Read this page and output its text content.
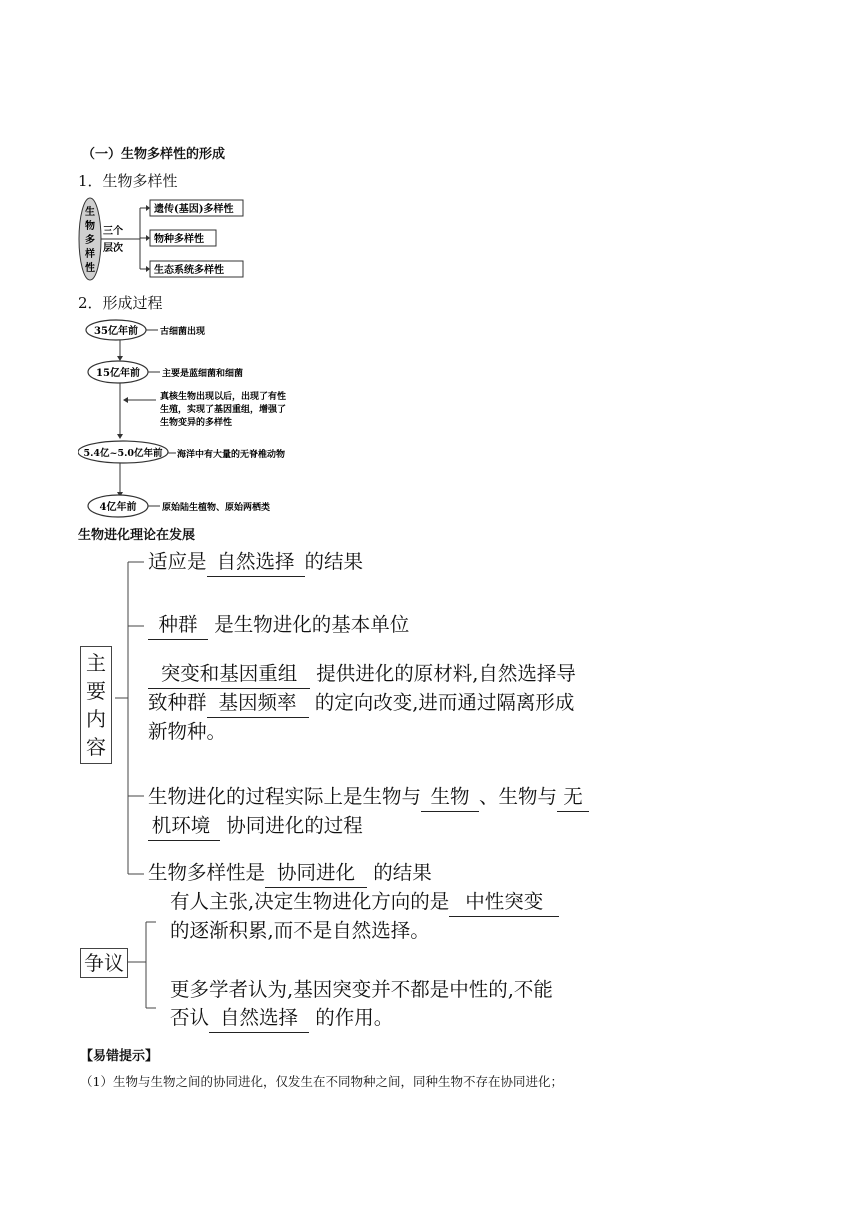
（一）生物多样性的形成
1．生物多样性
生
物
多
样
性
三个
层次
遗传(基因)多样性
物种多样性
生态系统多样性
2．形成过程
35亿年前 古细菌出现
15亿年前 主要是蓝细菌和细菌
真核生物出现以后，出现了有性
生殖，实现了基因重组，增强了
生物变异的多样性
5.4亿~5.0亿年前 海洋中有大量的无脊椎动物
4亿年前	原始陆生植物、原始两栖类
生物进化理论在发展
主
要
内
容
适应是 自然选择 的结果
种群 是生物进化的基本单位
突变和基因重组 提供进化的原材料,自然选择导
致种群 基因频率 的定向改变,进而通过隔离形成
新物种。
生物进化的过程实际上是生物与 生物 、生物与 无
机环境 协同进化的过程
生物多样性是 协同进化 的结果
争议
有人主张,决定生物进化方向的是 中性突变
的逐渐积累,而不是自然选择。
更多学者认为,基因突变并不都是中性的,不能
否认 自然选择 的作用。
【易错提示】
（1）生物与生物之间的协同进化，仅发生在不同物种之间，同种生物不存在协同进化；
